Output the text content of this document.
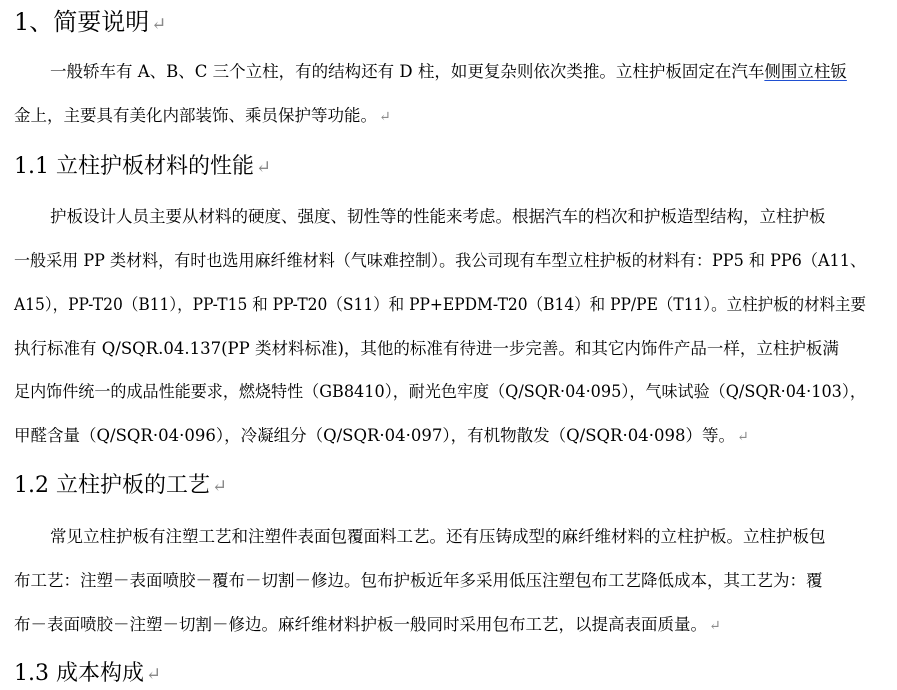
1、简要说明 ↵
一般轿车有 A、B、C 三个立柱，有的结构还有 D 柱，如更复杂则依次类推。立柱护板固定在汽车侧围立柱钣
金上，主要具有美化内部装饰、乘员保护等功能。 ↵
1.1 立柱护板材料的性能 ↵
护板设计人员主要从材料的硬度、强度、韧性等的性能来考虑。根据汽车的档次和护板造型结构，立柱护板
一般采用 PP 类材料，有时也选用麻纤维材料（气味难控制）。我公司现有车型立柱护板的材料有：PP5 和 PP6（A11、
A15），PP-T20（B11），PP-T15 和 PP-T20（S11）和 PP+EPDM-T20（B14）和 PP/PE（T11）。立柱护板的材料主要
执行标准有 Q/SQR.04.137(PP 类材料标准)，其他的标准有待进一步完善。和其它内饰件产品一样，立柱护板满
足内饰件统一的成品性能要求，燃烧特性（GB8410），耐光色牢度（Q/SQR·04·095），气味试验（Q/SQR·04·103），
甲醛含量（Q/SQR·04·096），冷凝组分（Q/SQR·04·097），有机物散发（Q/SQR·04·098）等。 ↵
1.2 立柱护板的工艺 ↵
常见立柱护板有注塑工艺和注塑件表面包覆面料工艺。还有压铸成型的麻纤维材料的立柱护板。立柱护板包
布工艺：注塑－表面喷胶－覆布－切割－修边。包布护板近年多采用低压注塑包布工艺降低成本，其工艺为：覆
布－表面喷胶－注塑－切割－修边。麻纤维材料护板一般同时采用包布工艺，以提高表面质量。 ↵
1.3 成本构成 ↵
